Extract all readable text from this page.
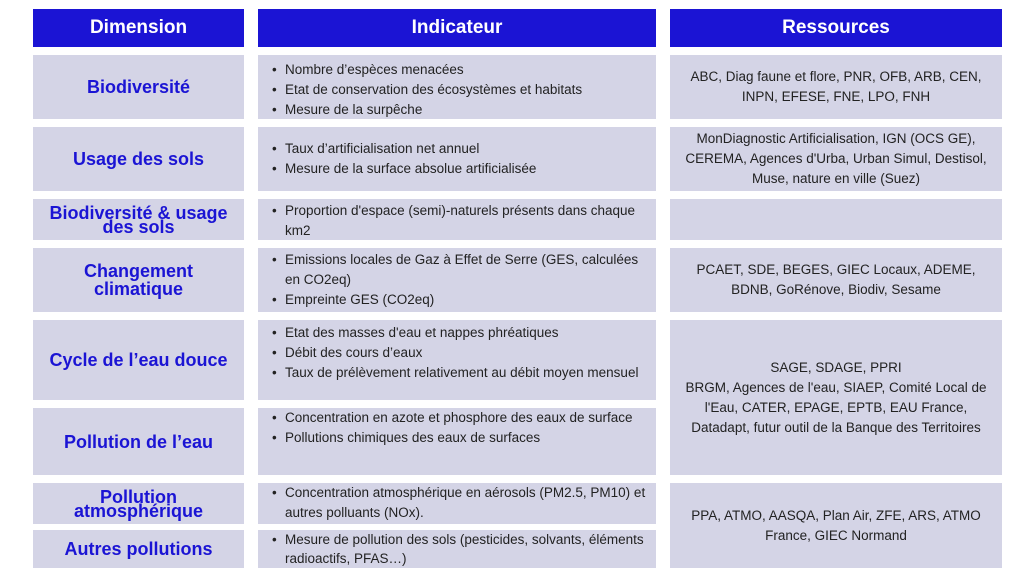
Dimension	Indicateur	Ressources
Biodiversité
• Nombre d’espèces menacées
• Etat de conservation des écosystèmes et habitats
• Mesure de la surpêche
ABC, Diag faune et flore, PNR, OFB, ARB, CEN, INPN, EFESE, FNE, LPO, FNH
Usage des sols
• Taux d’artificialisation net annuel
• Mesure de la surface absolue artificialisée
MonDiagnostic Artificialisation, IGN (OCS GE), CEREMA, Agences d'Urba, Urban Simul, Destisol, Muse, nature en ville (Suez)
Biodiversité & usage des sols
• Proportion d'espace (semi)-naturels présents dans chaque km2
Changement climatique
• Emissions locales de Gaz à Effet de Serre (GES, calculées en CO2eq)
• Empreinte GES (CO2eq)
PCAET, SDE, BEGES, GIEC Locaux, ADEME, BDNB, GoRénove, Biodiv, Sesame
Cycle de l’eau douce
• Etat des masses d'eau et nappes phréatiques
• Débit des cours d’eaux
• Taux de prélèvement relativement au débit moyen mensuel	SAGE, SDAGE, PPRI
BRGM, Agences de l'eau, SIAEP, Comité Local de l'Eau, CATER, EPAGE, EPTB, EAU France, Datadapt, futur outil de la Banque des Territoires
Pollution de l’eau
• Concentration en azote et phosphore des eaux de surface
• Pollutions chimiques des eaux de surfaces
Pollution atmosphérique
• Concentration atmosphérique en aérosols (PM2.5, PM10) et autres polluants (NOx).	PPA, ATMO, AASQA, Plan Air, ZFE, ARS, ATMO France, GIEC Normand
Autres pollutions
•	Mesure de pollution des sols (pesticides, solvants, éléments radioactifs, PFAS…)
